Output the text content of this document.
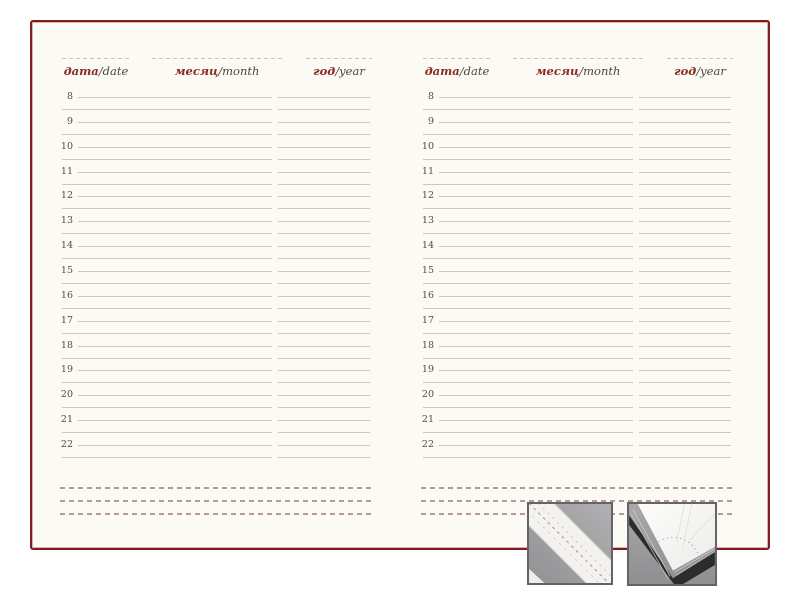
дата/date	месяц/month	год/year
8
9
10
11
12
13
14
15
16
17
18
19
20
21
22
дата/date	месяц/month	год/year
8
9
10
11
12
13
14
15
16
17
18
19
20
21
22
